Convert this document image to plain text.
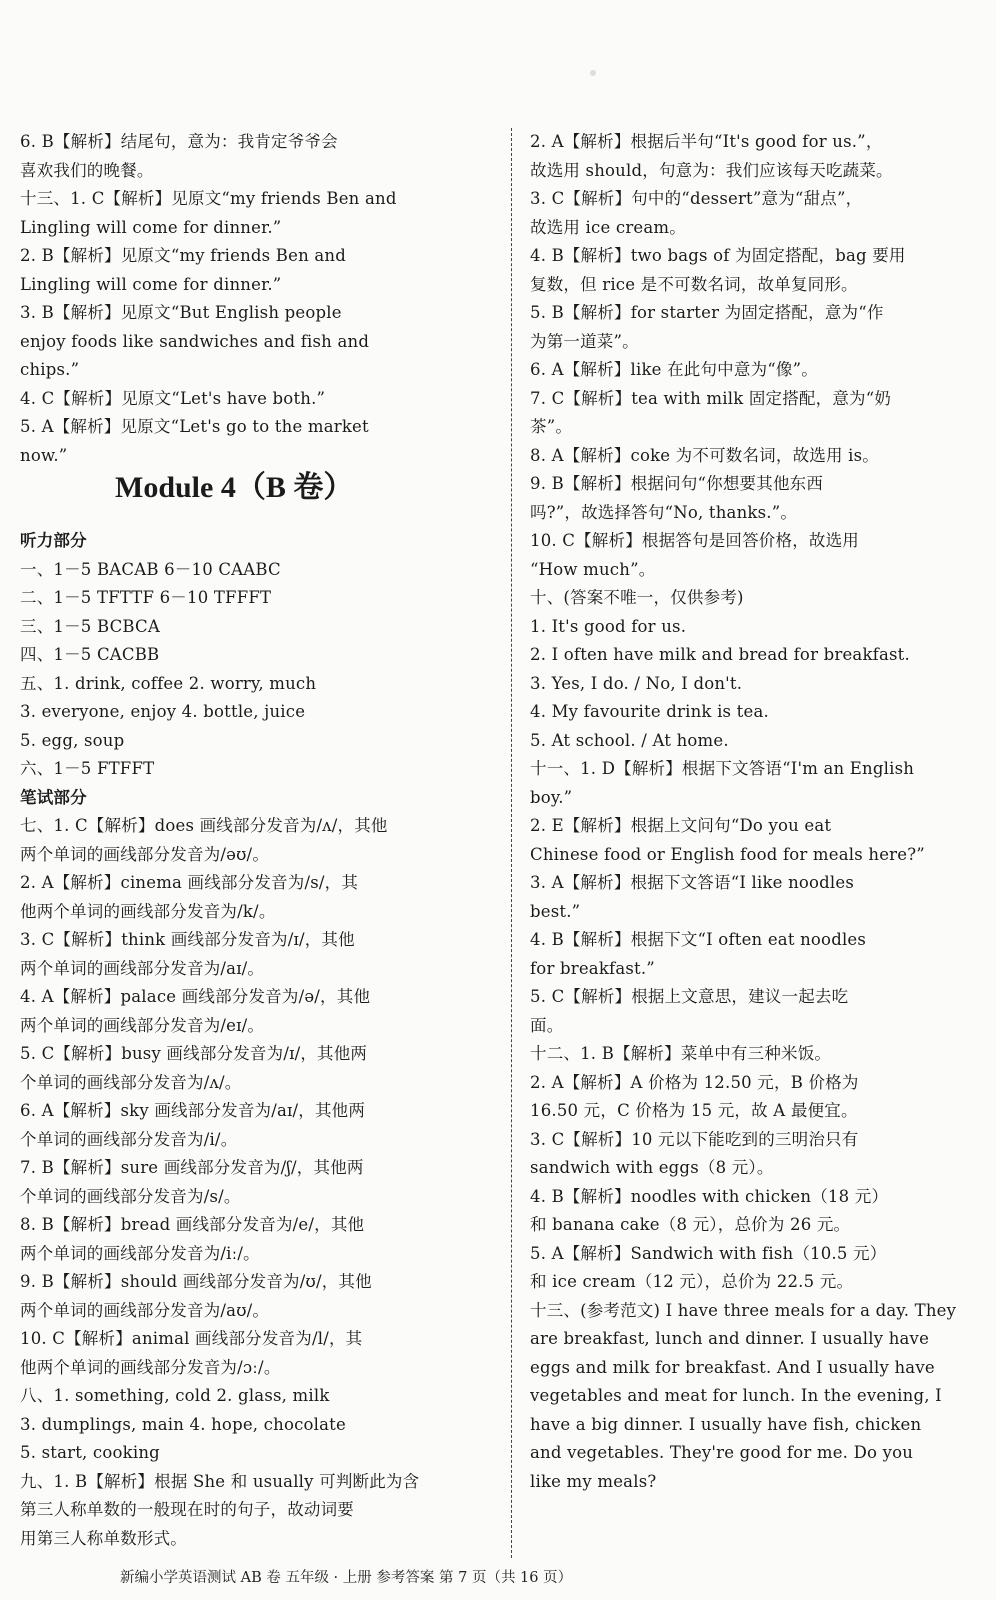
Module 4（B 卷）
6. B【解析】结尾句，意为：我肯定爷爷会
喜欢我们的晚餐。
十三、1. C【解析】见原文“my friends Ben and
Lingling will come for dinner.”
2. B【解析】见原文“my friends Ben and
Lingling will come for dinner.”
3. B【解析】见原文“But English people
enjoy foods like sandwiches and fish and
chips.”
4. C【解析】见原文“Let's have both.”
5. A【解析】见原文“Let's go to the market
now.”
听力部分
一、1－5 BACAB 6－10 CAABC
二、1－5 TFTTF 6－10 TFFFT
三、1－5 BCBCA
四、1－5 CACBB
五、1. drink, coffee 2. worry, much
3. everyone, enjoy 4. bottle, juice
5. egg, soup
六、1－5 FTFFT
笔试部分
七、1. C【解析】does 画线部分发音为/ʌ/，其他
两个单词的画线部分发音为/əʊ/。
2. A【解析】cinema 画线部分发音为/s/，其
他两个单词的画线部分发音为/k/。
3. C【解析】think 画线部分发音为/ɪ/，其他
两个单词的画线部分发音为/aɪ/。
4. A【解析】palace 画线部分发音为/ə/，其他
两个单词的画线部分发音为/eɪ/。
5. C【解析】busy 画线部分发音为/ɪ/，其他两
个单词的画线部分发音为/ʌ/。
6. A【解析】sky 画线部分发音为/aɪ/，其他两
个单词的画线部分发音为/i/。
7. B【解析】sure 画线部分发音为/ʃ/，其他两
个单词的画线部分发音为/s/。
8. B【解析】bread 画线部分发音为/e/，其他
两个单词的画线部分发音为/iː/。
9. B【解析】should 画线部分发音为/ʊ/，其他
两个单词的画线部分发音为/aʊ/。
10. C【解析】animal 画线部分发音为/l/，其
他两个单词的画线部分发音为/ɔː/。
八、1. something, cold 2. glass, milk
3. dumplings, main 4. hope, chocolate
5. start, cooking
九、1. B【解析】根据 She 和 usually 可判断此为含
第三人称单数的一般现在时的句子，故动词要
用第三人称单数形式。
2. A【解析】根据后半句“It's good for us.”，
故选用 should，句意为：我们应该每天吃蔬菜。
3. C【解析】句中的“dessert”意为“甜点”，
故选用 ice cream。
4. B【解析】two bags of 为固定搭配，bag 要用
复数，但 rice 是不可数名词，故单复同形。
5. B【解析】for starter 为固定搭配，意为“作
为第一道菜”。
6. A【解析】like 在此句中意为“像”。
7. C【解析】tea with milk 固定搭配，意为“奶
茶”。
8. A【解析】coke 为不可数名词，故选用 is。
9. B【解析】根据问句“你想要其他东西
吗?”，故选择答句“No, thanks.”。
10. C【解析】根据答句是回答价格，故选用
“How much”。
十、(答案不唯一，仅供参考)
1. It's good for us.
2. I often have milk and bread for breakfast.
3. Yes, I do. / No, I don't.
4. My favourite drink is tea.
5. At school. / At home.
十一、1. D【解析】根据下文答语“I'm an English
boy.”
2. E【解析】根据上文问句“Do you eat
Chinese food or English food for meals here?”
3. A【解析】根据下文答语“I like noodles
best.”
4. B【解析】根据下文“I often eat noodles
for breakfast.”
5. C【解析】根据上文意思，建议一起去吃
面。
十二、1. B【解析】菜单中有三种米饭。
2. A【解析】A 价格为 12.50 元，B 价格为
16.50 元，C 价格为 15 元，故 A 最便宜。
3. C【解析】10 元以下能吃到的三明治只有
sandwich with eggs（8 元）。
4. B【解析】noodles with chicken（18 元）
和 banana cake（8 元），总价为 26 元。
5. A【解析】Sandwich with fish（10.5 元）
和 ice cream（12 元），总价为 22.5 元。
十三、(参考范文) I have three meals for a day. They
are breakfast, lunch and dinner. I usually have
eggs and milk for breakfast. And I usually have
vegetables and meat for lunch. In the evening, I
have a big dinner. I usually have fish, chicken
and vegetables. They're good for me. Do you
like my meals?
新编小学英语测试 AB 卷 五年级 · 上册 参考答案 第 7 页（共 16 页）
